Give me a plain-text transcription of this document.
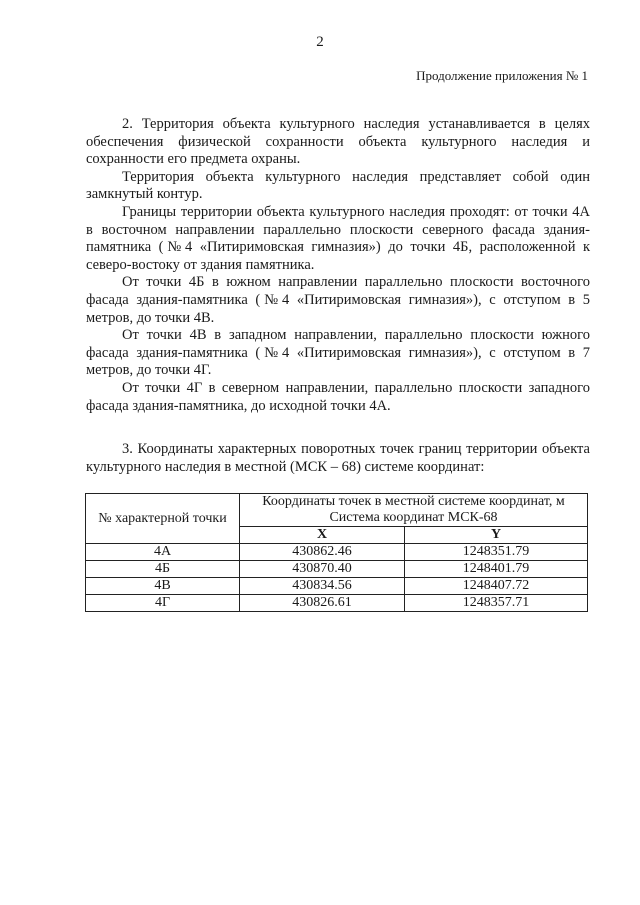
2
Продолжение приложения № 1

2. Территория объекта культурного наследия устанавливается в целях обеспечения физической сохранности объекта культурного наследия и сохранности его предмета охраны.

Территория объекта культурного наследия представляет собой один замкнутый контур.

Границы территории объекта культурного наследия проходят: от точки 4А в восточном направлении параллельно плоскости северного фасада здания-памятника (№4 «Питиримовская гимназия») до точки 4Б, расположенной к северо-востоку от здания памятника.

От точки 4Б в южном направлении параллельно плоскости восточного фасада здания-памятника (№4 «Питиримовская гимназия»), с отступом в 5 метров, до точки 4В.

От точки 4В в западном направлении, параллельно плоскости южного фасада здания-памятника (№4 «Питиримовская гимназия»), с отступом в 7 метров, до точки 4Г.

От точки 4Г в северном направлении, параллельно плоскости западного фасада здания-памятника, до исходной точки 4А.

3. Координаты характерных поворотных точек границ территории объекта культурного наследия в местной (МСК – 68) системе координат:

№ характерной точки	Координаты точек в местной системе координат, м Система координат МСК-68	
	X	Y
4А	430862.46	1248351.79
4Б	430870.40	1248401.79
4В	430834.56	1248407.72
4Г	430826.61	1248357.71
